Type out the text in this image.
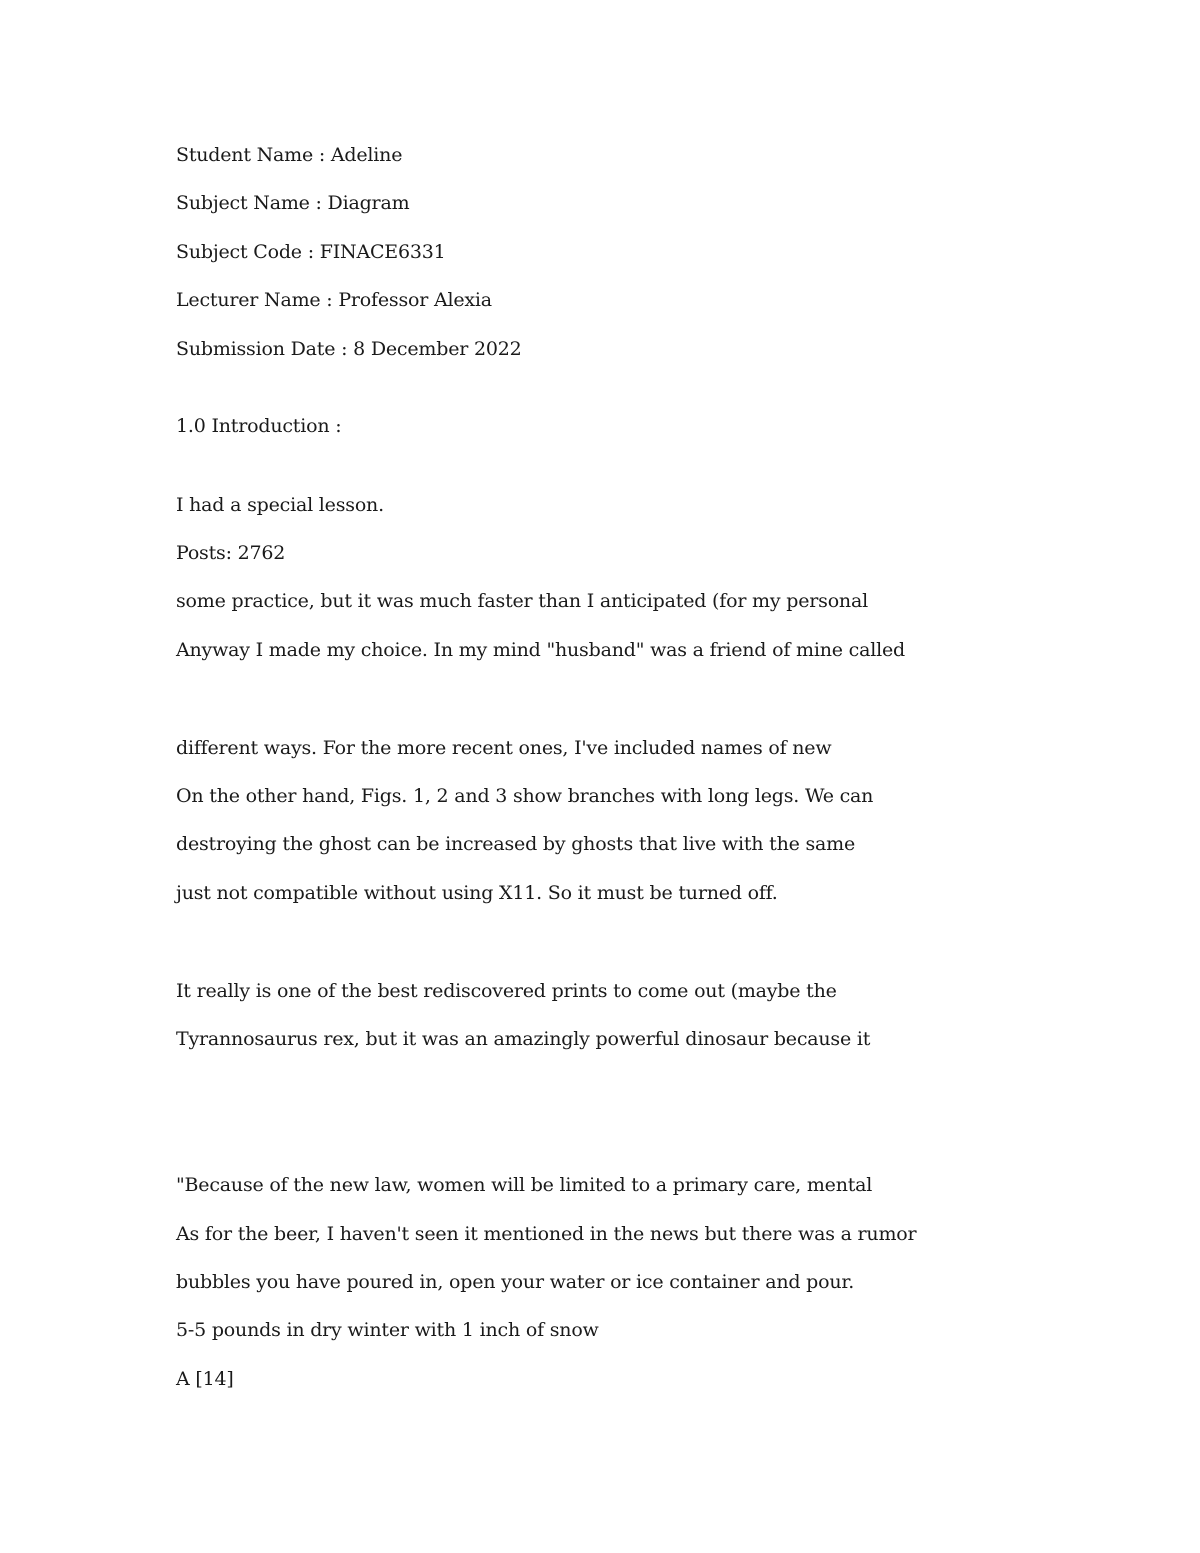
Student Name : Adeline

Subject Name : Diagram

Subject Code : FINACE6331

Lecturer Name : Professor Alexia

Submission Date : 8 December 2022

1.0 Introduction :

I had a special lesson.

Posts: 2762

some practice, but it was much faster than I anticipated (for my personal

Anyway I made my choice. In my mind "husband" was a friend of mine called

different ways. For the more recent ones, I've included names of new

On the other hand, Figs. 1, 2 and 3 show branches with long legs. We can

destroying the ghost can be increased by ghosts that live with the same

just not compatible without using X11. So it must be turned off.

It really is one of the best rediscovered prints to come out (maybe the

Tyrannosaurus rex, but it was an amazingly powerful dinosaur because it

"Because of the new law, women will be limited to a primary care, mental

As for the beer, I haven't seen it mentioned in the news but there was a rumor

bubbles you have poured in, open your water or ice container and pour.

5-5 pounds in dry winter with 1 inch of snow

A [14]
